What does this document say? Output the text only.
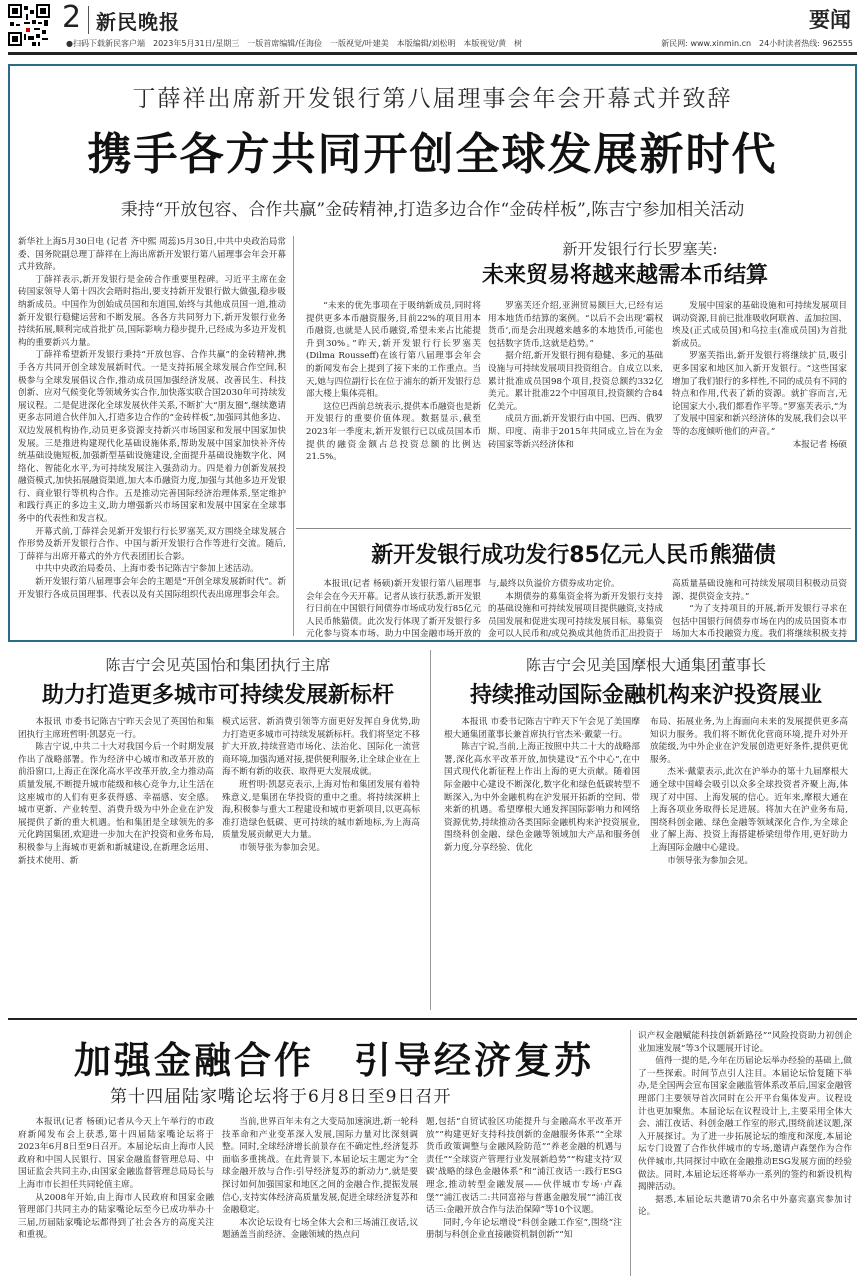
2 新民晚报	要闻
●扫码下载新民客户端　2023年5月31日/星期三　一版首席编辑/任海俭　一版视觉/叶建美　本版编辑/刘松明　本版视觉/黄　树	新民网: www.xinmin.cn　24小时读者热线: 962555
丁薛祥出席新开发银行第八届理事会年会开幕式并致辞
携手各方共同开创全球发展新时代
秉持“开放包容、合作共赢”金砖精神,打造多边合作“金砖样板”,陈吉宁参加相关活动

新华社上海5月30日电 (记者 齐中熙 周蕊)5月30日,中共中央政治局常委、国务院副总理丁薛祥在上海出席新开发银行第八届理事会年会开幕式并致辞。

丁薛祥表示,新开发银行是金砖合作重要里程碑。习近平主席在金砖国家领导人第十四次会晤时指出,要支持新开发银行做大做强,稳步吸纳新成员。中国作为创始成员国和东道国,始终与其他成员国一道,推动新开发银行稳健运营和不断发展。各各方共同努力下,新开发银行业务持续拓展,顺利完成首批扩员,国际影响力稳步提升,已经成为多边开发机构的重要新兴力量。

丁薛祥希望新开发银行秉持“开放包容、合作共赢”的金砖精神,携手各方共同开创全球发展新时代。一是支持拓展全球发展合作空间,积极参与全球发展倡议合作,推动成员国加强经济发展、改善民生、科技创新、应对气候变化等领域务实合作,加快落实联合国2030年可持续发展议程。二是促进深化全球发展伙伴关系,不断扩大“朋友圈”,继续邀请更多志同道合伙伴加入,打造多边合作的“金砖样板”,加强同其他多边、双边发展机构协作,动员更多资源支持新兴市场国家和发展中国家加快发展。三是推进构建现代化基础设施体系,帮助发展中国家加快补齐传统基础设施短板,加强新型基础设施建设,全面提升基础设施数字化、网络化、智能化水平,为可持续发展注入强劲动力。四是着力创新发展投融资模式,加快拓展融资渠道,加大本币融资力度,加强与其他多边开发银行、商业银行等机构合作。五是推动完善国际经济治理体系,坚定维护和践行真正的多边主义,助力增强新兴市场国家和发展中国家在全球事务中的代表性和发言权。

开幕式前,丁薛祥会见新开发银行行长罗塞芙,双方围绕全球发展合作形势及新开发银行合作、中国与新开发银行合作等进行交流。随后,丁薛祥与出席开幕式的外方代表团团长合影。

中共中央政治局委员、上海市委书记陈吉宁参加上述活动。

新开发银行第八届理事会年会的主题是“开创全球发展新时代”。新开发银行各成员国理事、代表以及有关国际组织代表出席理事会年会。

新开发银行行长罗塞芙:
未来贸易将越来越需本币结算

“未来的优先事项在于吸纳新成员,同时将提供更多本币融资服务,目前22%的项目用本币融资,也就是人民币融资,希望未来占比能提升到30%。”昨天,新开发银行行长罗塞芙(Dilma Rousseff)在该行第八届理事会年会的新闻发布会上提到了接下来的工作重点。当天,她与四位副行长在位于浦东的新开发银行总部大楼上集体亮相。

这位巴西前总统表示,提供本币融资也是新开发银行的重要价值体现。数据显示,截至2023年一季度末,新开发银行已以成员国本币提供的融资金额占总投资总额的比例达21.5%。

罗塞芙还介绍,亚洲贸易额巨大,已经有运用本地货币结算的案例。“以后不会出现‘霸权货币’,而是会出现越来越多的本地货币,可能也包括数字货币,这就是趋势。”

据介绍,新开发银行拥有稳健、多元的基础设施与可持续发展项目投资组合。自成立以来,累计批准成员国98个项目,投资总额约332亿美元。累计批准22个中国项目,投资额约合84亿美元。

成员方面,新开发银行由中国、巴西、俄罗斯、印度、南非于2015年共同成立,旨在为金砖国家等新兴经济体和

发展中国家的基础设施和可持续发展项目调动资源,目前已批准吸收阿联酋、孟加拉国、埃及(正式成员国)和乌拉圭(准成员国)为首批新成员。

罗塞芙指出,新开发银行将继续扩员,吸引更多国家和地区加入新开发银行。“这些国家增加了我们银行的多样性,不同的成员有不同的特点和作用,代表了新的资源。就扩容而言,无论国家大小,我们都看作平等。”罗塞芙表示,“为了发展中国家和新兴经济体的发展,我们会以平等的态度倾听他们的声音。”

本报记者 杨硕

新开发银行成功发行85亿元人民币熊猫债

本报讯(记者 杨硕)新开发银行第八届理事会年会在今天开幕。记者从该行获悉,新开发银行日前在中国银行间债券市场成功发行85亿元人民币熊猫债。此次发行体现了新开发银行多元化参与资本市场、助力中国金融市场开放的

与,最终以负溢价方债券成功定价。

本期债券的募集资金将为新开发银行支持的基础设施和可持续发展项目提供融资,支持成员国发展和促进实现可持续发展目标。募集资金可以人民币和/或兑换成其他货币汇出投资于

高质量基础设施和可持续发展项目积极动员资源、提供资金支持。”

“为了支持项目的开展,新开发银行寻求在包括中国银行间债券市场在内的成员国资本市场加大本币投融资力度。我们将继续积极支持

陈吉宁会见英国怡和集团执行主席
助力打造更多城市可持续发展新标杆

本报讯 市委书记陈吉宁昨天会见了英国怡和集团执行主席班哲明·凯瑟克一行。

陈吉宁说,中共二十大对我国今后一个时期发展作出了战略部署。作为经济中心城市和改革开放的前沿窗口,上海正在深化高水平改革开放,全力推动高质量发展,不断提升城市能级和核心竞争力,让生活在这座城市的人们有更多获得感、幸福感、安全感。城市更新、产业转型、消费升级为中外企业在沪发展提供了新的重大机遇。怡和集团是全球领先的多元化跨国集团,欢迎进一步加大在沪投资和业务布局,积极参与上海城市更新和新城建设,在新理念运用、新技术使用、新

模式运营、新消费引领等方面更好发挥自身优势,助力打造更多城市可持续发展新标杆。我们将坚定不移扩大开放,持续营造市场化、法治化、国际化一流营商环境,加强沟通对接,提供便利服务,让全球企业在上海不断有新的收获、取得更大发展成就。

班哲明·凯瑟克表示,上海对怡和集团发展有着特殊意义,是集团在华投资的重中之重。将持续深耕上海,积极参与重大工程建设和城市更新项目,以更高标准打造绿色低碳、更可持续的城市新地标,为上海高质量发展贡献更大力量。

市领导张为参加会见。

陈吉宁会见美国摩根大通集团董事长
持续推动国际金融机构来沪投资展业

本报讯 市委书记陈吉宁昨天下午会见了美国摩根大通集团董事长兼首席执行官杰米·戴蒙一行。

陈吉宁说,当前,上海正按照中共二十大的战略部署,深化高水平改革开放,加快建设“五个中心”,在中国式现代化新征程上作出上海的更大贡献。随着国际金融中心建设不断深化,数字化和绿色低碳转型不断深入,为中外金融机构在沪发展开拓新的空间、带来新的机遇。希望摩根大通发挥国际影响力和网络资源优势,持续推动各类国际金融机构来沪投资展业,围绕科创金融、绿色金融等领域加大产品和服务创新力度,分享经验、优化

布局、拓展业务,为上海面向未来的发展提供更多高知识力服务。我们将不断优化营商环境,提升对外开放能级,为中外企业在沪发展创造更好条件,提供更优服务。

杰米·戴蒙表示,此次在沪举办的第十九届摩根大通全球中国峰会吸引以众多全球投资者齐聚上海,体现了对中国、上海发展的信心。近年来,摩根大通在上海各项业务取得长足进展。将加大在沪业务布局,围绕科创金融、绿色金融等领域深化合作,为全球企业了解上海、投资上海搭建桥梁纽带作用,更好助力上海国际金融中心建设。

市领导张为参加会见。

加强金融合作　引导经济复苏
第十四届陆家嘴论坛将于6月8日至9日召开

本报讯(记者 杨硕)记者从今天上午举行的市政府新闻发布会上获悉,第十四届陆家嘴论坛将于2023年6月8日至9日召开。本届论坛由上海市人民政府和中国人民银行、国家金融监督管理总局、中国证监会共同主办,由国家金融监督管理总局局长与上海市市长担任共同轮值主席。

从2008年开始,由上海市人民政府和国家金融管理部门共同主办的陆家嘴论坛至今已成功举办十三届,历届陆家嘴论坛都得到了社会各方的高度关注和重视。

当前,世界百年未有之大变局加速演进,新一轮科技革命和产业变革深入发展,国际力量对比深刻调整。同时,全球经济增长前景存在不确定性,经济复苏面临多重挑战。在此背景下,本届论坛主题定为“全球金融开放与合作:引导经济复苏的新动力”,就是要探讨如何加强国家和地区之间的金融合作,提振发展信心,支持实体经济高质量发展,促进全球经济复苏和金融稳定。

本次论坛设有七场全体大会和三场浦江夜话,议题涵盖当前经济、金融领域的热点问

题,包括“自贸试验区功能提升与金融高水平改革开放”“构建更好支持科技创新的金融服务体系”“全球货币政策调整与金融风险防范”“养老金融的机遇与责任”“全球资产管理行业发展新趋势”“构建支持‘双碳’战略的绿色金融体系”和“浦江夜话一:践行ESG理念,推动转型金融发展——伙伴城市专场·卢森堡”“浦江夜话二:共同富裕与普惠金融发展”“浦江夜话三:金融开放合作与法治保障”等10个议题。

同时,今年论坛增设“科创金融工作室”,围绕“注册制与科创企业直接融资机制创新”“知

识产权金融赋能科技创新新路径”“风险投资助力初创企业加速发展”等3个议题展开讨论。

值得一提的是,今年在历届论坛举办经验的基础上,做了一些探索。时间节点引人注目。本届论坛恰复随下举办,是全国两会宣布国家金融监管体系改革后,国家金融管理部门主要领导首次同时在公开平台集体发声。议程设计也更加聚焦。本届论坛在议程设计上,主要采用全体大会、浦江夜话、科创金融工作室的形式,围绕前述议题,深入开展探讨。为了进一步拓展论坛的维度和深度,本届论坛专门设置了合作伙伴城市的专场,邀请卢森堡作为合作伙伴城市,共同探讨中欧在金融推动ESG发展方面的经验做法。同时,本届论坛还将举办一系列的签约和新设机构揭牌活动。

据悉,本届论坛共邀请70余名中外嘉宾嘉宾参加讨论。
